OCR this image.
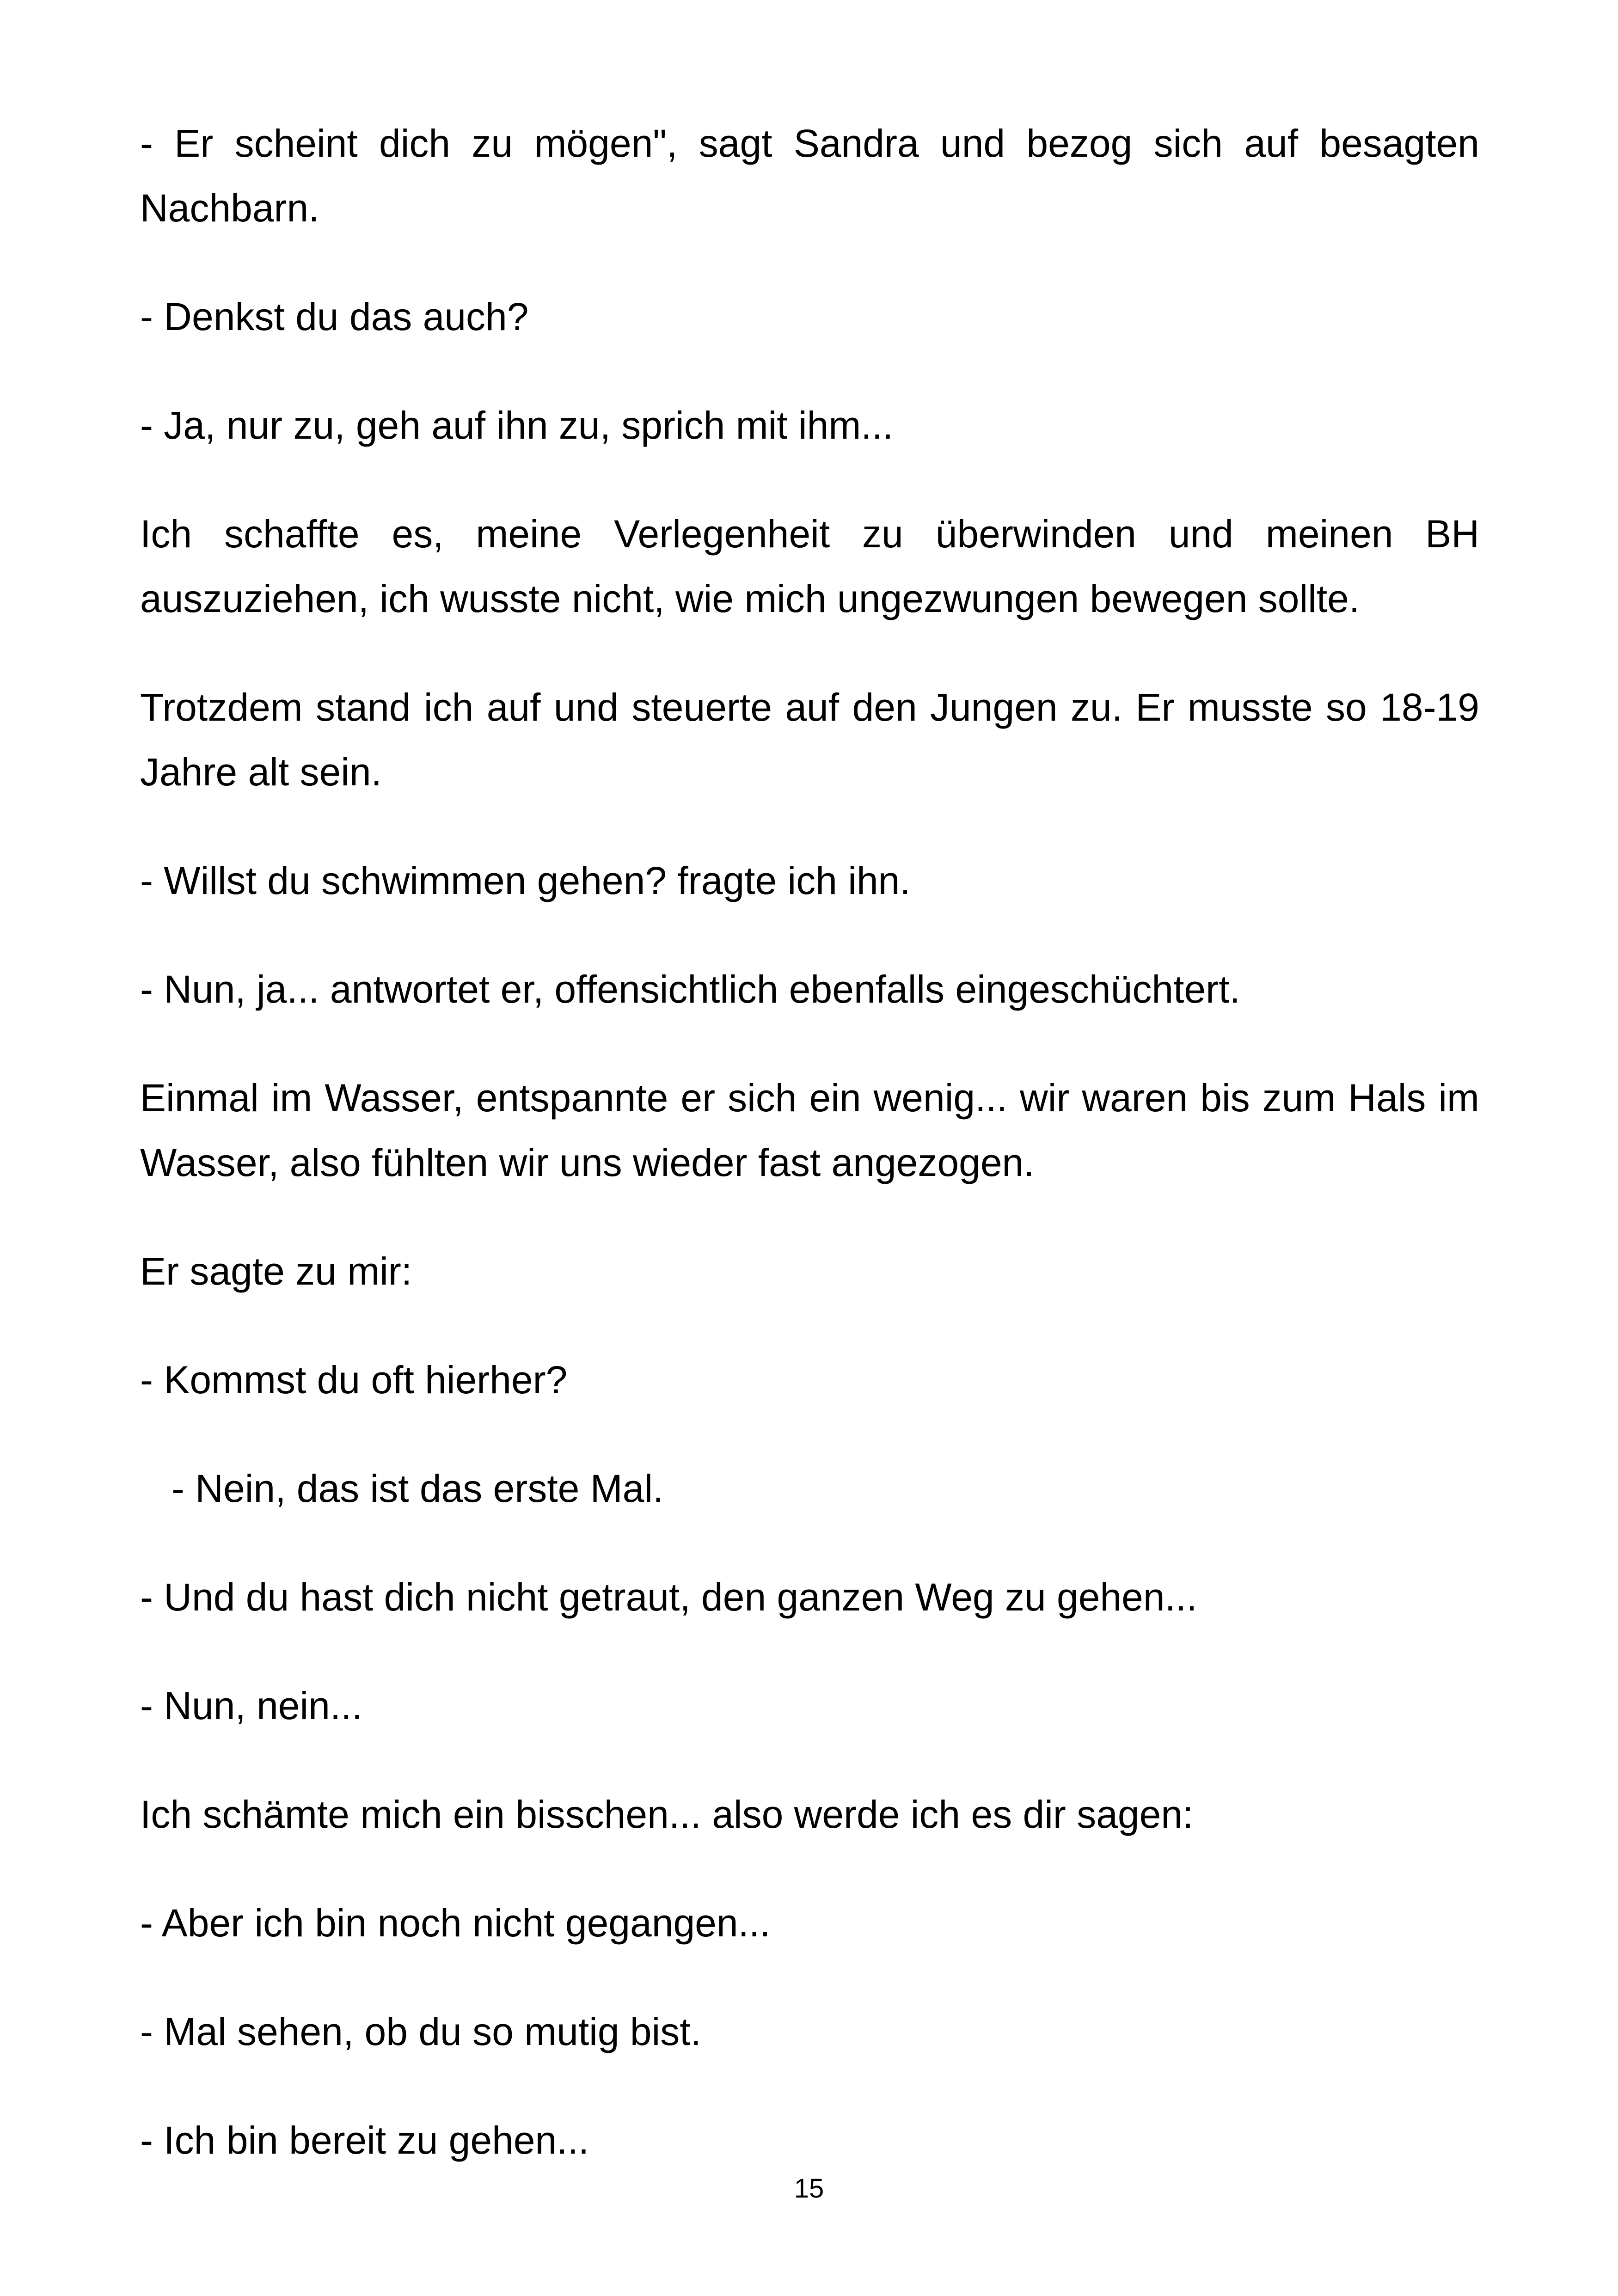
- Er scheint dich zu mögen", sagt Sandra und bezog sich auf besagten Nachbarn.

- Denkst du das auch?

- Ja, nur zu, geh auf ihn zu, sprich mit ihm...

Ich schaffte es, meine Verlegenheit zu überwinden und meinen BH auszuziehen, ich wusste nicht, wie mich ungezwungen bewegen sollte.

Trotzdem stand ich auf und steuerte auf den Jungen zu. Er musste so 18-19 Jahre alt sein.

- Willst du schwimmen gehen? fragte ich ihn.

- Nun, ja... antwortet er, offensichtlich ebenfalls eingeschüchtert.

Einmal im Wasser, entspannte er sich ein wenig... wir waren bis zum Hals im Wasser, also fühlten wir uns wieder fast angezogen.

Er sagte zu mir:

- Kommst du oft hierher?

- Nein, das ist das erste Mal.

- Und du hast dich nicht getraut, den ganzen Weg zu gehen...

- Nun, nein...

Ich schämte mich ein bisschen... also werde ich es dir sagen:

- Aber ich bin noch nicht gegangen...

- Mal sehen, ob du so mutig bist.

- Ich bin bereit zu gehen...

15
